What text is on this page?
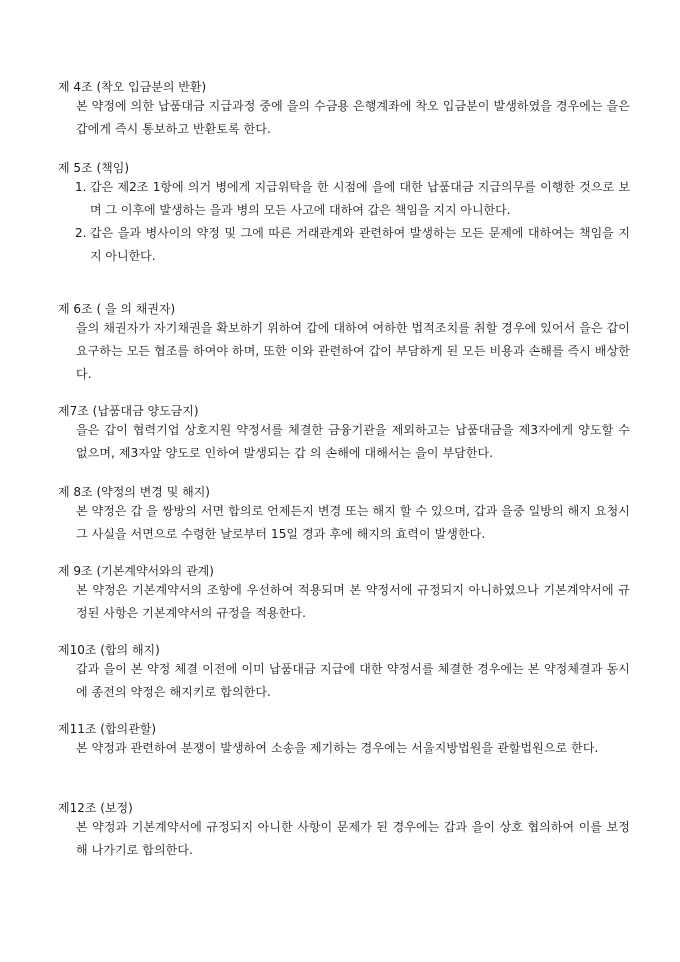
제 4조 (착오 입금분의 반환)

본 약정에 의한 납품대금 지급과정 중에 을의 수금용 은행계좌에 착오 입금분이 발생하였을 경우에는 을은 갑에게 즉시 통보하고 반환토록 한다.

제 5조 (책임)

1. 갑은 제2조 1항에 의거 병에게 지급위탁을 한 시점에 을에 대한 납품대금 지급의무를 이행한 것으로 보며 그 이후에 발생하는 을과 병의 모든 사고에 대하여 갑은 책임을 지지 아니한다.
2. 갑은 을과 병사이의 약정 및 그에 따른 거래관계와 관련하여 발생하는 모든 문제에 대하여는 책임을 지지 아니한다.

제 6조 ( 을 의 채권자)

을의 채권자가 자기채권을 확보하기 위하여 갑에 대하여 여하한 법적조치를 취할 경우에 있어서 을은 갑이 요구하는 모든 협조를 하여야 하며, 또한 이와 관련하여 갑이 부담하게 된 모든 비용과 손해를 즉시 배상한다.

제7조 (납품대금 양도금지)

을은 갑이 협력기업 상호지원 약정서를 체결한 금융기관을 제외하고는 납품대금을 제3자에게 양도할 수 없으며, 제3자앞 양도로 인하여 발생되는 갑 의 손해에 대해서는 을이 부담한다.

제 8조 (약정의 변경 및 해지)

본 약정은 갑 을 쌍방의 서면 합의로 언제든지 변경 또는 해지 할 수 있으며, 갑과 을중 일방의 해지 요청시 그 사실을 서면으로 수령한 날로부터 15일 경과 후에 해지의 효력이 발생한다.

제 9조 (기본계약서와의 관계)

본 약정은 기본계약서의 조항에 우선하여 적용되며 본 약정서에 규정되지 아니하였으나 기본계약서에 규정된 사항은 기본계약서의 규정을 적용한다.

제10조 (합의 해지)

갑과 을이 본 약정 체결 이전에 이미 납품대금 지급에 대한 약정서를 체결한 경우에는 본 약정체결과 동시에 종전의 약정은 해지키로 합의한다.

제11조 (합의관할)

본 약정과 관련하여 분쟁이 발생하여 소송을 제기하는 경우에는 서울지방법원을 관할법원으로 한다.

제12조 (보정)

본 약정과 기본계약서에 규정되지 아니한 사항이 문제가 된 경우에는 갑과 을이 상호 협의하여 이를 보정해 나가기로 합의한다.
